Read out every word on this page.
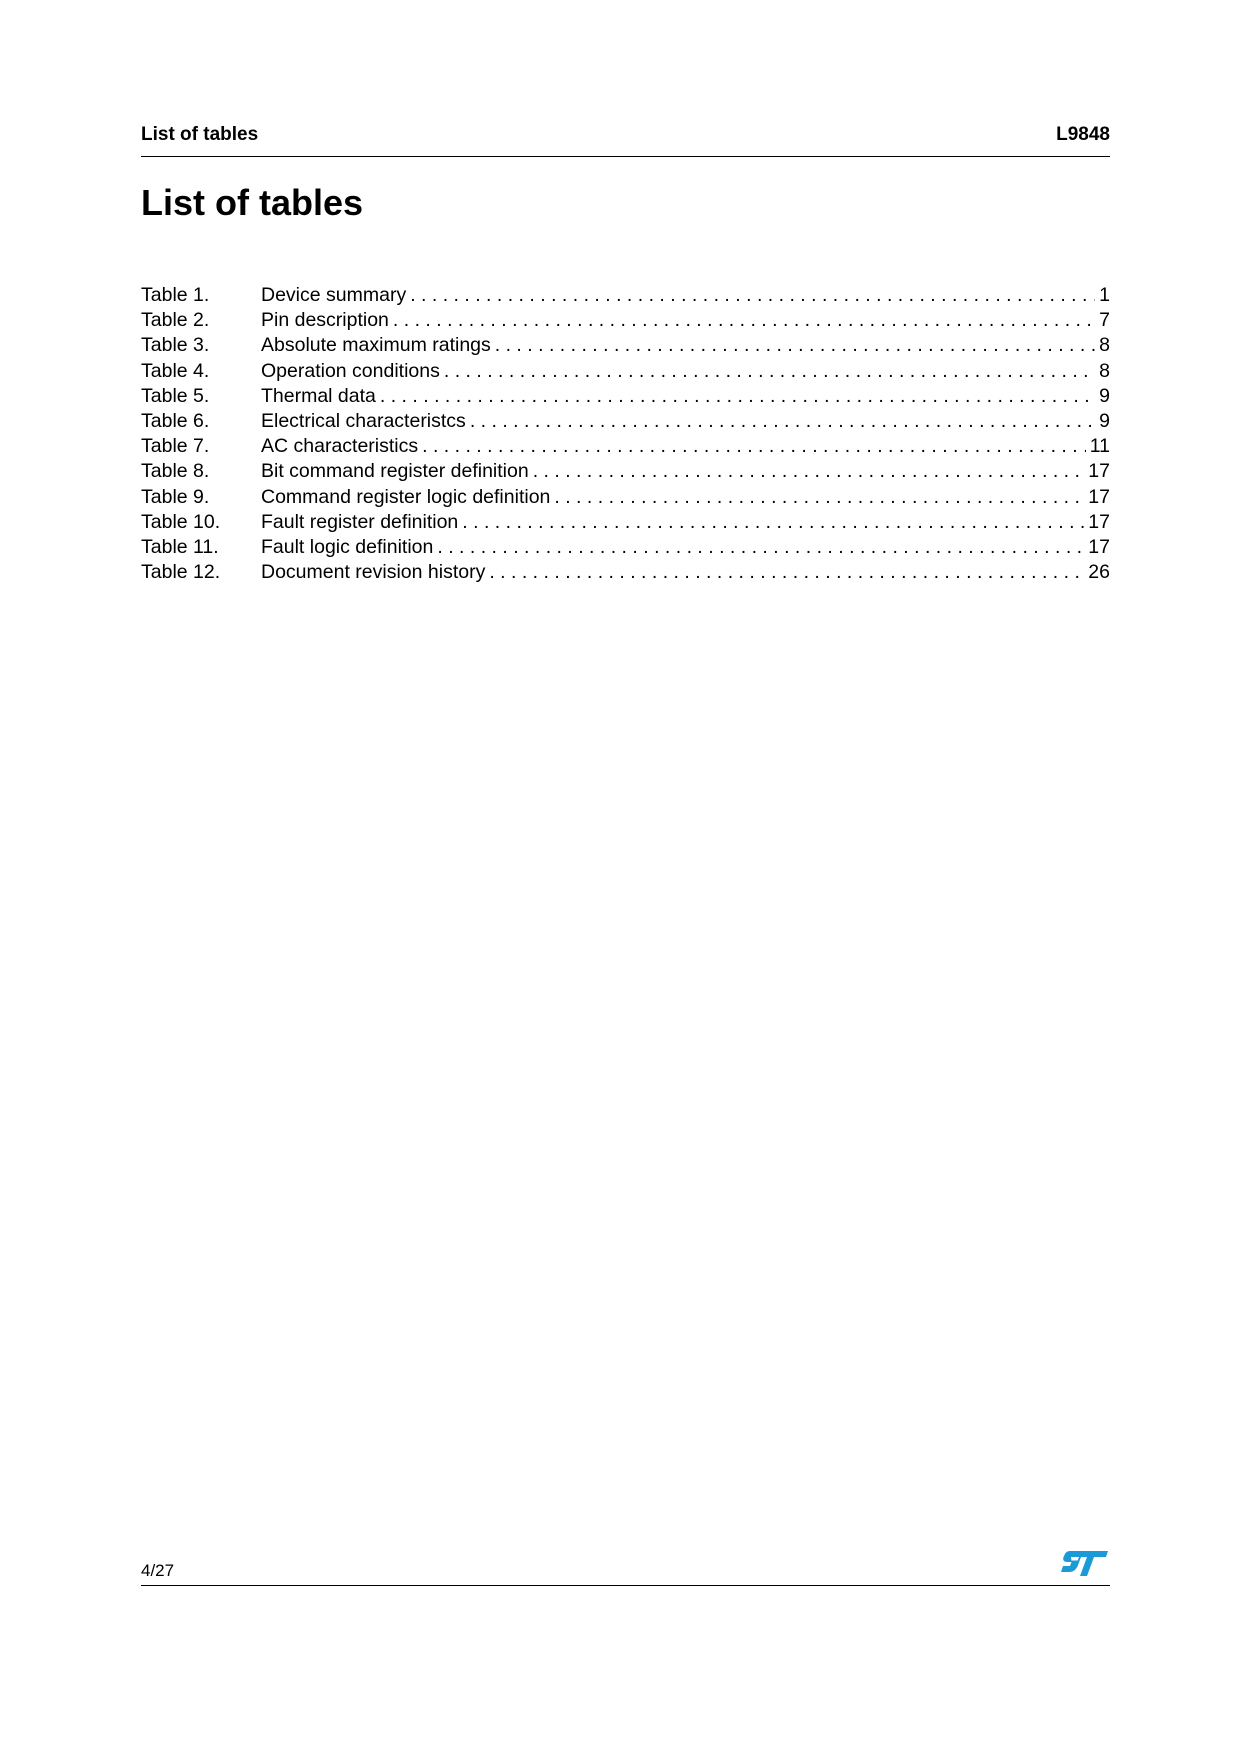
List of tables	L9848
List of tables
Table 1.	Device summary . . .	1
Table 2.	Pin description . . .	7
Table 3.	Absolute maximum ratings . . .	8
Table 4.	Operation conditions . . .	8
Table 5.	Thermal data . . .	9
Table 6.	Electrical characteristcs . . .	9
Table 7.	AC characteristics . . .	11
Table 8.	Bit command register definition . . .	17
Table 9.	Command register logic definition . . .	17
Table 10.	Fault register definition . . .	17
Table 11.	Fault logic definition . . .	17
Table 12.	Document revision history . . .	26
4/27
